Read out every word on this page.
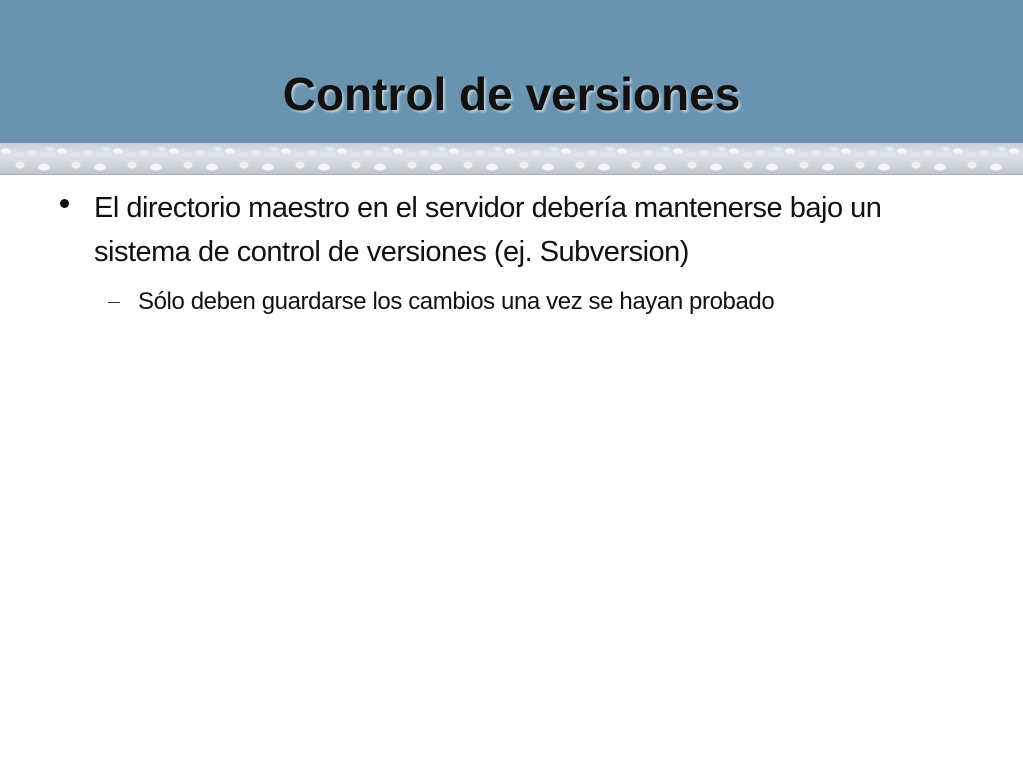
Control de versiones
El directorio maestro en el servidor debería mantenerse bajo un sistema de control de versiones (ej. Subversion)
Sólo deben guardarse los cambios una vez se hayan probado
